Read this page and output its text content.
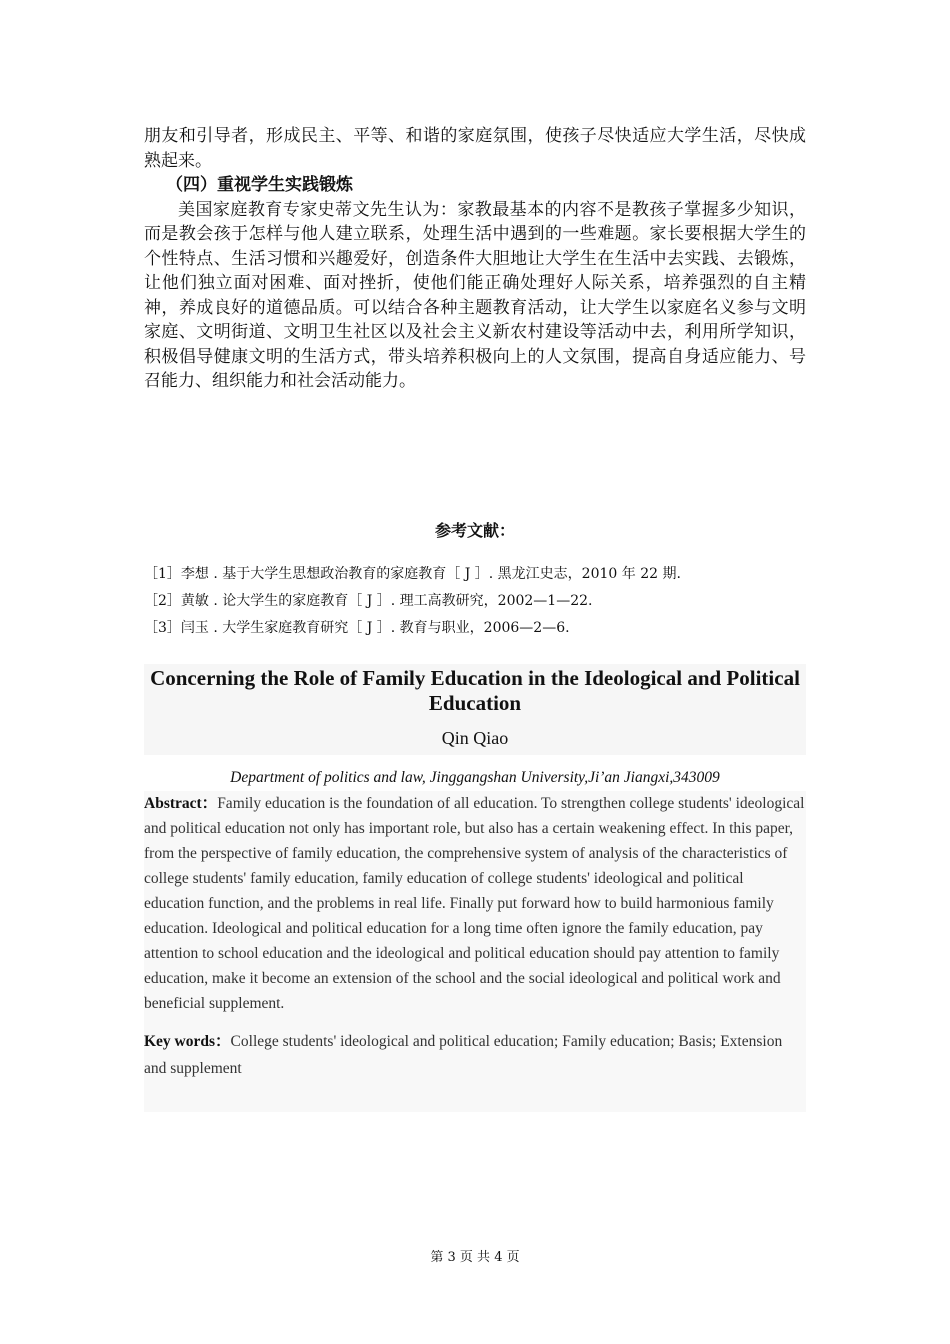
朋友和引导者，形成民主、平等、和谐的家庭氛围，使孩子尽快适应大学生活，尽快成熟起来。

（四）重视学生实践锻炼

美国家庭教育专家史蒂文先生认为：家教最基本的内容不是教孩子掌握多少知识，而是教会孩于怎样与他人建立联系，处理生活中遇到的一些难题。家长要根据大学生的个性特点、生活习惯和兴趣爱好，创造条件大胆地让大学生在生活中去实践、去锻炼，让他们独立面对困难、面对挫折，使他们能正确处理好人际关系，培养强烈的自主精神，养成良好的道德品质。可以结合各种主题教育活动，让大学生以家庭名义参与文明家庭、文明街道、文明卫生社区以及社会主义新农村建设等活动中去，利用所学知识，积极倡导健康文明的生活方式，带头培养积极向上的人文氛围，提高自身适应能力、号召能力、组织能力和社会活动能力。

参考文献：

［1］李想 . 基于大学生思想政治教育的家庭教育［ J ］. 黑龙江史志，2010 年 22 期.

［2］黄敏 . 论大学生的家庭教育［ J ］. 理工高教研究，2002—1—22.

［3］闫玉 . 大学生家庭教育研究［ J ］. 教育与职业，2006—2—6.

Concerning the Role of Family Education in the Ideological and Political Education

Qin Qiao

Department of politics and law, Jinggangshan University,Ji’an Jiangxi,343009

Abstract：Family education is the foundation of all education. To strengthen college students' ideological and political education not only has important role, but also has a certain weakening effect. In this paper, from the perspective of family education, the comprehensive system of analysis of the characteristics of college students' family education, family education of college students' ideological and political education function, and the problems in real life. Finally put forward how to build harmonious family education. Ideological and political education for a long time often ignore the family education, pay attention to school education and the ideological and political education should pay attention to family education, make it become an extension of the school and the social ideological and political work and beneficial supplement.

Key words：College students' ideological and political education; Family education; Basis; Extension and supplement

第 3 页 共 4 页
